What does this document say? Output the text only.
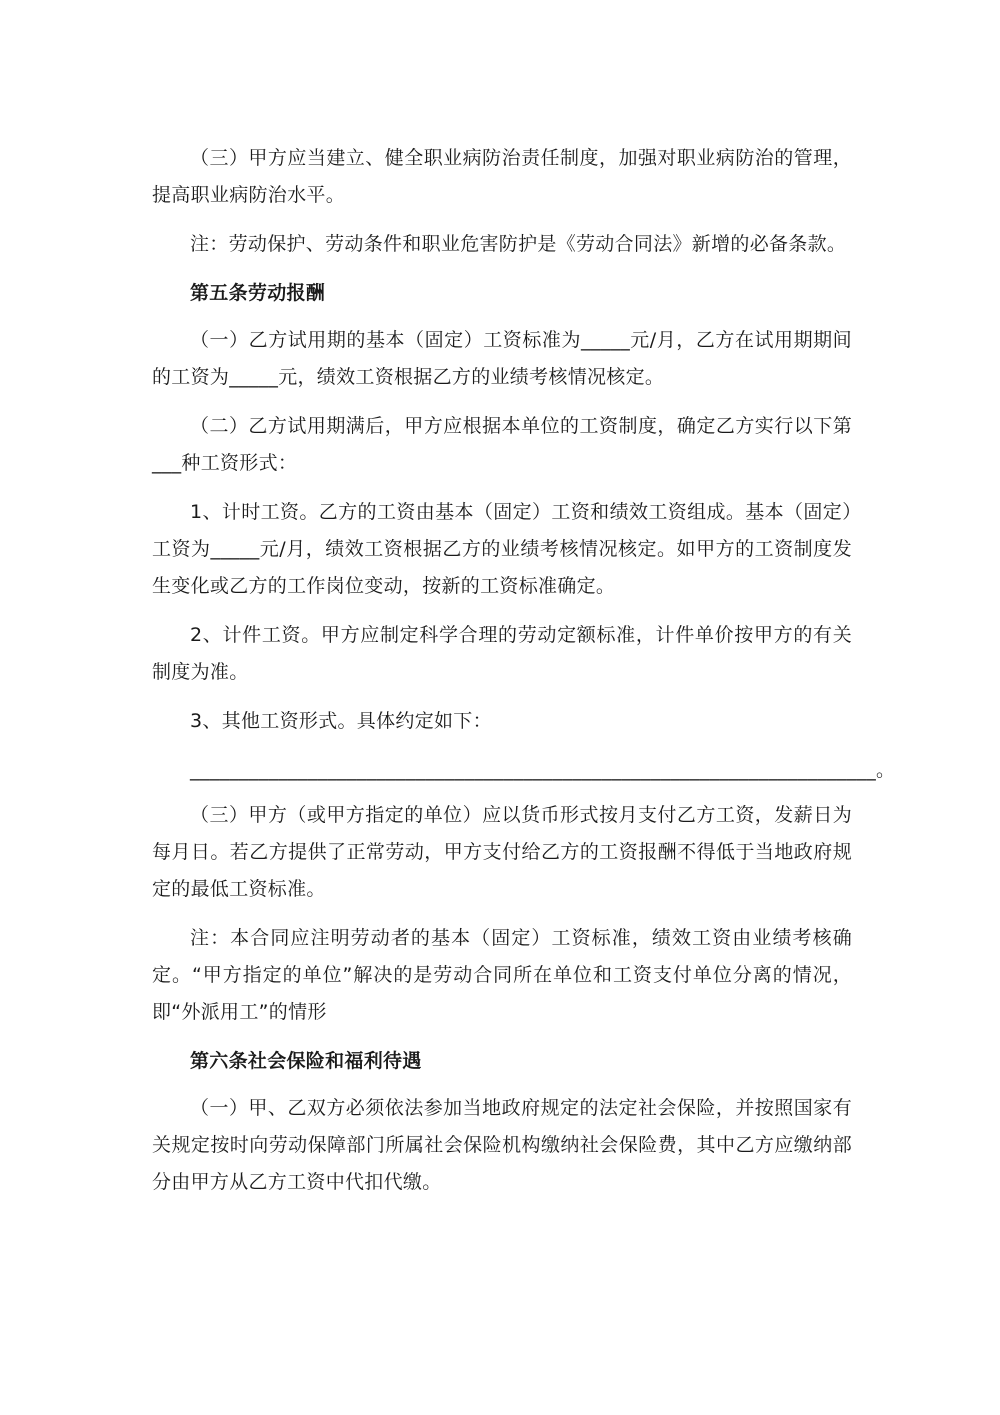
（三）甲方应当建立、健全职业病防治责任制度，加强对职业病防治的管理，提高职业病防治水平。

注：劳动保护、劳动条件和职业危害防护是《劳动合同法》新增的必备条款。

第五条劳动报酬

（一）乙方试用期的基本（固定）工资标准为_____元/月，乙方在试用期期间的工资为_____元，绩效工资根据乙方的业绩考核情况核定。

（二）乙方试用期满后，甲方应根据本单位的工资制度，确定乙方实行以下第___种工资形式：

1、计时工资。乙方的工资由基本（固定）工资和绩效工资组成。基本（固定）工资为_____元/月，绩效工资根据乙方的业绩考核情况核定。如甲方的工资制度发生变化或乙方的工作岗位变动，按新的工资标准确定。

2、计件工资。甲方应制定科学合理的劳动定额标准，计件单价按甲方的有关制度为准。

3、其他工资形式。具体约定如下：

______________________________________________________________________。

（三）甲方（或甲方指定的单位）应以货币形式按月支付乙方工资，发薪日为每月日。若乙方提供了正常劳动，甲方支付给乙方的工资报酬不得低于当地政府规定的最低工资标准。

注：本合同应注明劳动者的基本（固定）工资标准，绩效工资由业绩考核确定。“甲方指定的单位”解决的是劳动合同所在单位和工资支付单位分离的情况，即“外派用工”的情形

第六条社会保险和福利待遇

（一）甲、乙双方必须依法参加当地政府规定的法定社会保险，并按照国家有关规定按时向劳动保障部门所属社会保险机构缴纳社会保险费，其中乙方应缴纳部分由甲方从乙方工资中代扣代缴。
